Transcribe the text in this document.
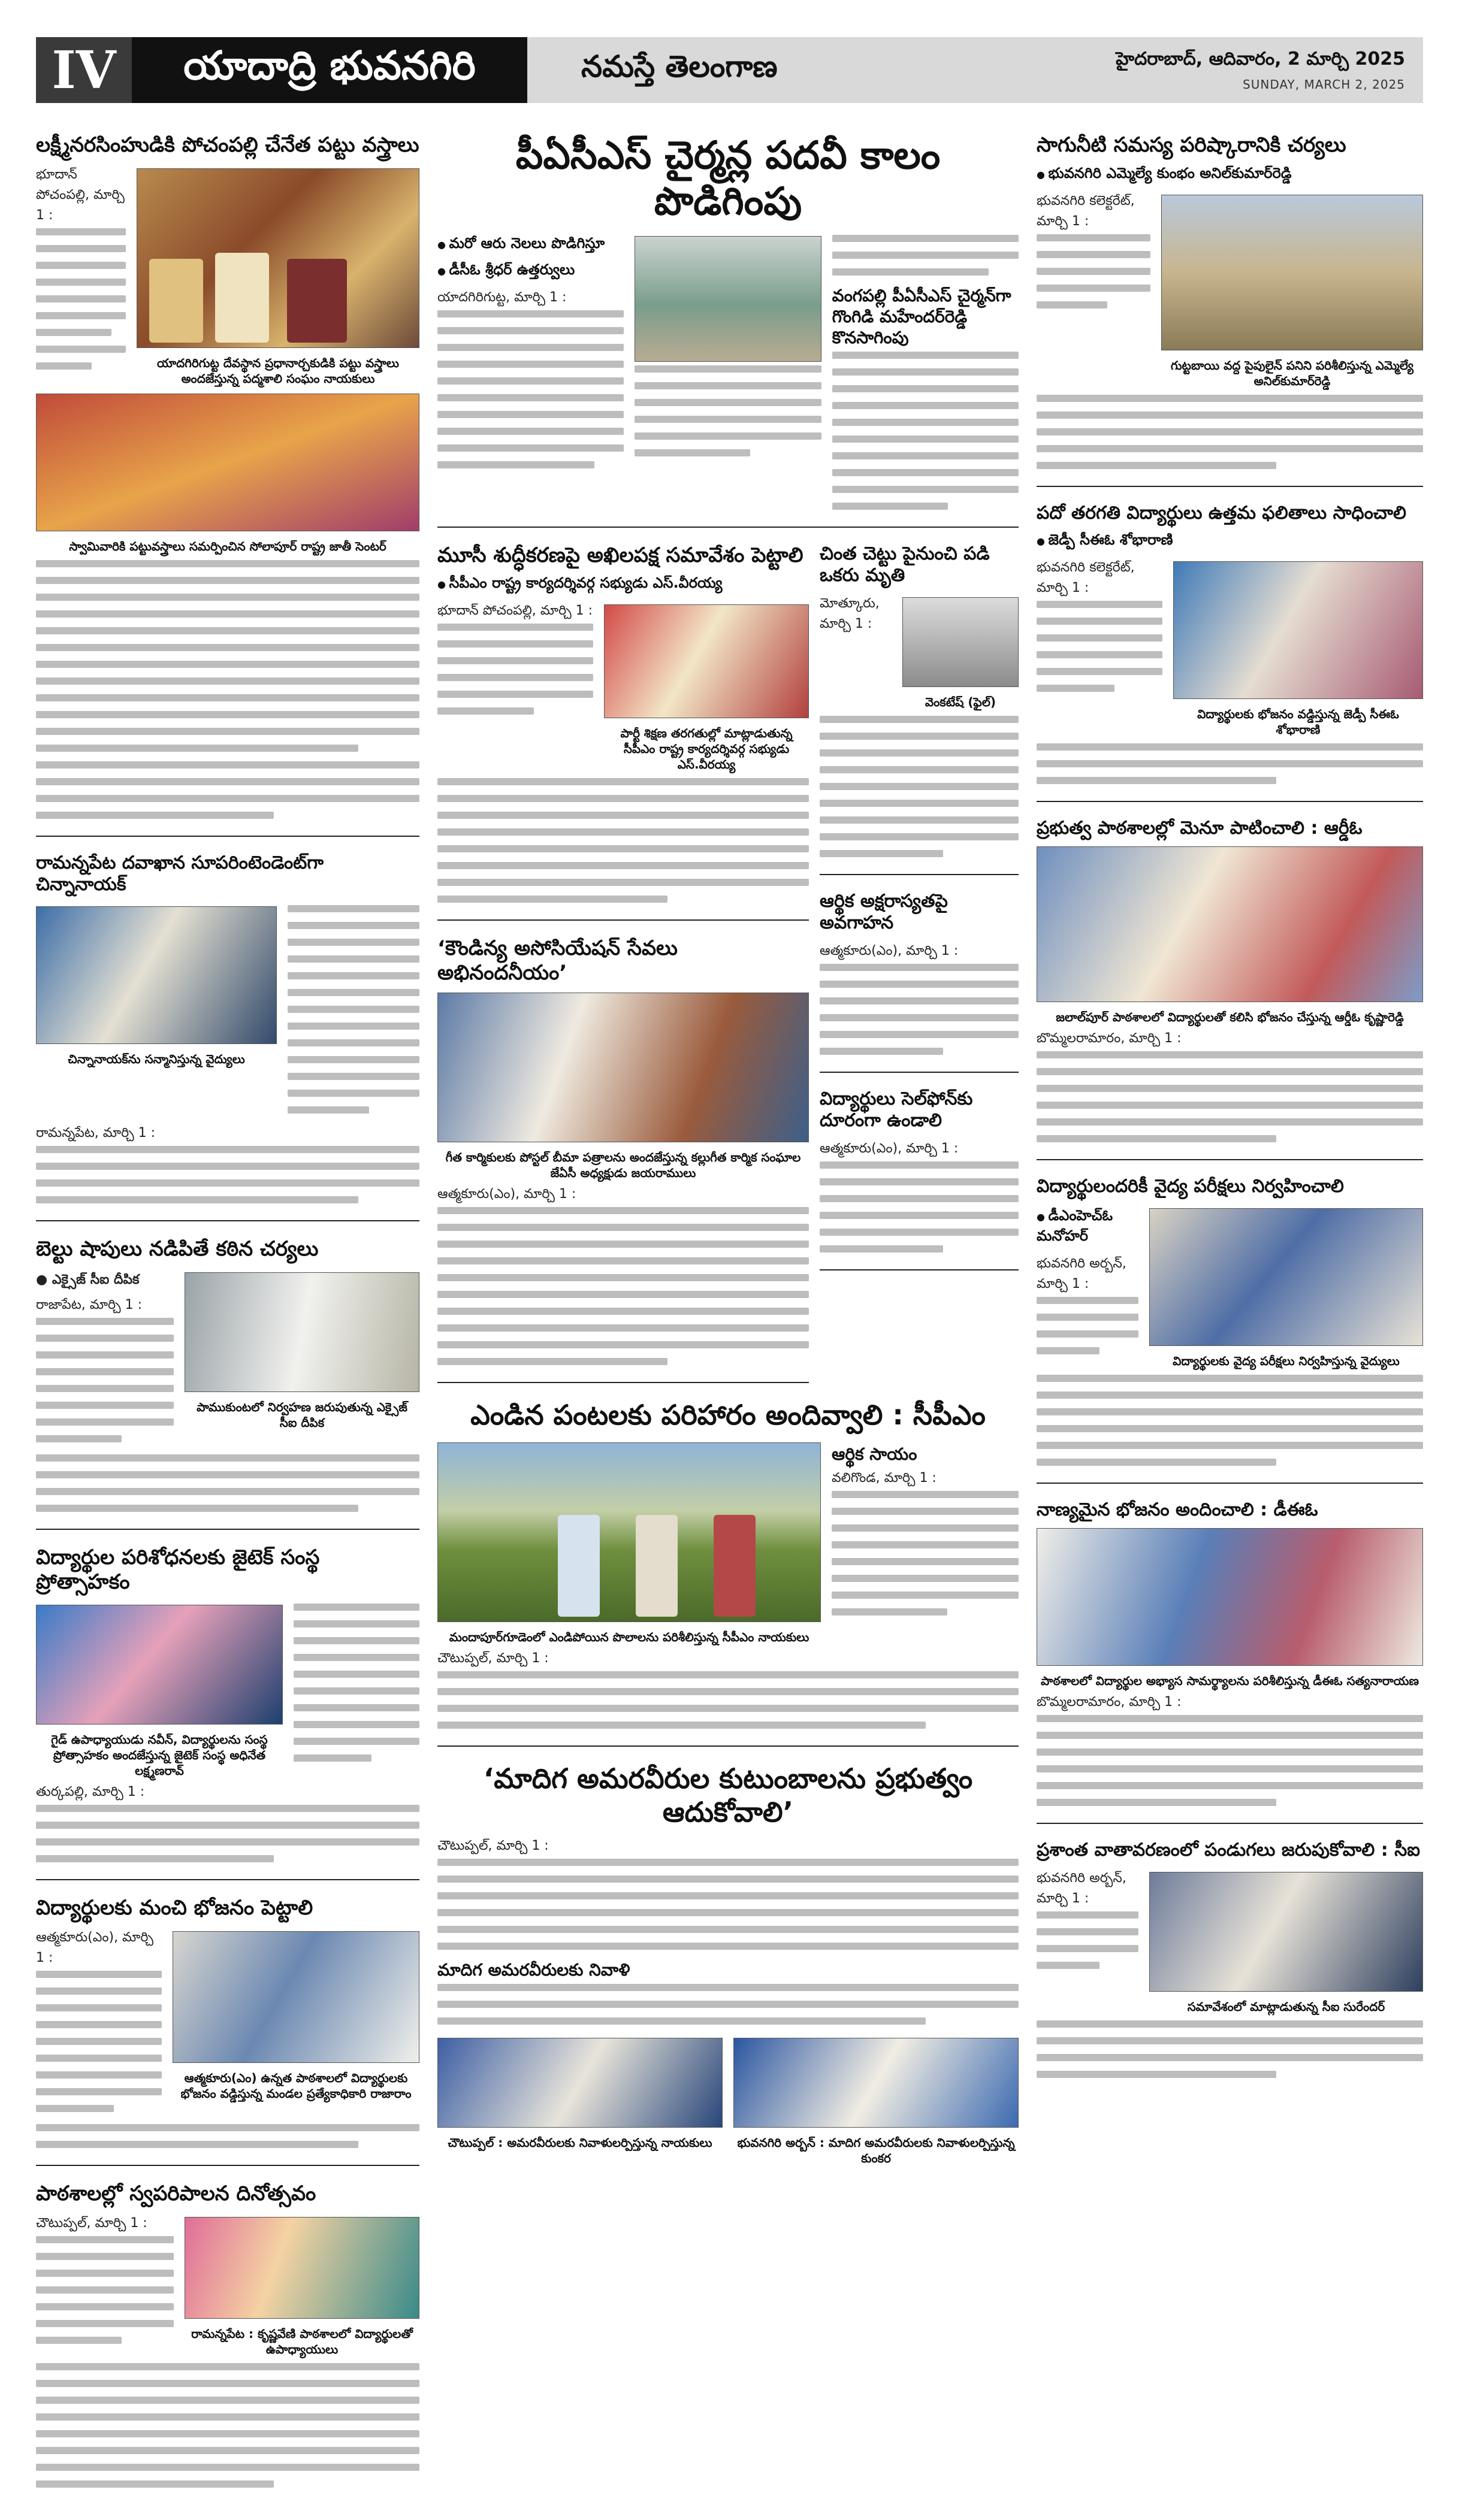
IV	యాదాద్రి భువనగిరి	నమస్తే తెలంగాణ	హైదరాబాద్, ఆదివారం, 2 మార్చి 2025
SUNDAY, MARCH 2, 2025
లక్ష్మీనరసింహుడికి పోచంపల్లి చేనేత పట్టు వస్త్రాలు

భూదాన్ పోచంపల్లి, మార్చి 1 :

యాదగిరిగుట్ట దేవస్థాన ప్రధానార్చకుడికి పట్టు వస్త్రాలు అందజేస్తున్న పద్మశాలి సంఘం నాయకులు

స్వామివారికి పట్టువస్త్రాలు సమర్పించిన సోలాపూర్ రాష్ట్ర జాతీ సెంటర్

రామన్నపేట దవాఖాన సూపరింటెండెంట్‌గా చిన్నానాయక్

చిన్నానాయక్‌ను సన్మానిస్తున్న వైద్యులు

రామన్నపేట, మార్చి 1 :

బెల్టు షాపులు నడిపితే కఠిన చర్యలు

● ఎక్సైజ్ సీఐ దీపిక

రాజాపేట, మార్చి 1 :

పాముకుంటలో నిర్వహణ జరుపుతున్న ఎక్సైజ్ సీఐ దీపిక

విద్యార్థుల పరిశోధనలకు జైటెక్ సంస్థ ప్రోత్సాహకం

గైడ్ ఉపాధ్యాయుడు నవీన్, విద్యార్థులను సంస్థ ప్రోత్సాహకం అందజేస్తున్న జైటెక్ సంస్థ అధినేత లక్ష్మణరావ్

తుర్కపల్లి, మార్చి 1 :

విద్యార్థులకు మంచి భోజనం పెట్టాలి

ఆత్మకూరు(ఎం), మార్చి 1 :

ఆత్మకూరు(ఎం) ఉన్నత పాఠశాలలో విద్యార్థులకు భోజనం వడ్డిస్తున్న మండల ప్రత్యేకాధికారి రాజారాం

పాఠశాలల్లో స్వపరిపాలన దినోత్సవం

చౌటుప్పల్, మార్చి 1 :

రామన్నపేట : కృష్ణవేణి పాఠశాలలో విద్యార్థులతో ఉపాధ్యాయులు

పీఏసీఎస్ చైర్మన్ల పదవీ కాలం పొడిగింపు

● మరో ఆరు నెలలు పొడిగిస్తూ

● డీసీఓ శ్రీధర్ ఉత్తర్వులు

యాదగిరిగుట్ట, మార్చి 1 :	వంగపల్లి పీఏసీఎస్ చైర్మన్‌గా గొంగిడి మహేందర్‌రెడ్డి కొనసాగింపు

మూసీ శుద్ధీకరణపై అఖిలపక్ష సమావేశం పెట్టాలి

● సీపీఎం రాష్ట్ర కార్యదర్శివర్గ సభ్యుడు ఎస్.వీరయ్య

భూదాన్ పోచంపల్లి, మార్చి 1 :

పార్టీ శిక్షణ తరగతుల్లో మాట్లాడుతున్న సీపీఎం రాష్ట్ర కార్యదర్శివర్గ సభ్యుడు ఎస్.వీరయ్య

‘కౌండిన్య అసోసియేషన్ సేవలు అభినందనీయం’

గీత కార్మికులకు పోస్టల్ బీమా పత్రాలను అందజేస్తున్న కల్లుగీత కార్మిక సంఘాల జేఏసీ అధ్యక్షుడు జయరాములు

ఆత్మకూరు(ఎం), మార్చి 1 :

చింత చెట్టు పైనుంచి పడి ఒకరు మృతి

మోత్కూరు, మార్చి 1 :

వెంకటేష్ (ఫైల్)

ఆర్థిక అక్షరాస్యతపై అవగాహన

ఆత్మకూరు(ఎం), మార్చి 1 :

విద్యార్థులు సెల్‌ఫోన్‌కు దూరంగా ఉండాలి

ఆత్మకూరు(ఎం), మార్చి 1 :

ఎండిన పంటలకు పరిహారం అందివ్వాలి : సీపీఎం

మందాపూర్‌గూడెంలో ఎండిపోయిన పొలాలను పరిశీలిస్తున్న సీపీఎం నాయకులు

ఆర్థిక సాయం

వలిగొండ, మార్చి 1 :

చౌటుప్పల్, మార్చి 1 :

‘మాదిగ అమరవీరుల కుటుంబాలను ప్రభుత్వం ఆదుకోవాలి’

చౌటుప్పల్, మార్చి 1 :

మాదిగ అమరవీరులకు నివాళి

చౌటుప్పల్ : అమరవీరులకు నివాళులర్పిస్తున్న నాయకులు	భువనగిరి అర్బన్ : మాదిగ అమరవీరులకు నివాళులర్పిస్తున్న కుంకర

సాగునీటి సమస్య పరిష్కారానికి చర్యలు

● భువనగిరి ఎమ్మెల్యే కుంభం అనిల్‌కుమార్‌రెడ్డి

భువనగిరి కలెక్టరేట్, మార్చి 1 :

గుట్టబాయి వద్ద పైపులైన్ పనిని పరిశీలిస్తున్న ఎమ్మెల్యే అనిల్‌కుమార్‌రెడ్డి

పదో తరగతి విద్యార్థులు ఉత్తమ ఫలితాలు సాధించాలి

● జెడ్పీ సీఈఓ శోభారాణి

భువనగిరి కలెక్టరేట్, మార్చి 1 :

విద్యార్థులకు భోజనం వడ్డిస్తున్న జెడ్పీ సీఈఓ శోభారాణి

ప్రభుత్వ పాఠశాలల్లో మెనూ పాటించాలి : ఆర్డీఓ

జలాల్‌పూర్ పాఠశాలలో విద్యార్థులతో కలిసి భోజనం చేస్తున్న ఆర్డీఓ కృష్ణారెడ్డి

బొమ్మలరామారం, మార్చి 1 :

విద్యార్థులందరికీ వైద్య పరీక్షలు నిర్వహించాలి

● డీఎంహెచ్ఓ మనోహర్

భువనగిరి అర్బన్, మార్చి 1 :

విద్యార్థులకు వైద్య పరీక్షలు నిర్వహిస్తున్న వైద్యులు

నాణ్యమైన భోజనం అందించాలి : డీఈఓ

పాఠశాలలో విద్యార్థుల అభ్యాస సామర్థ్యాలను పరిశీలిస్తున్న డీఈఓ సత్యనారాయణ

బొమ్మలరామారం, మార్చి 1 :

ప్రశాంత వాతావరణంలో పండుగలు జరుపుకోవాలి : సీఐ

భువనగిరి అర్బన్, మార్చి 1 :

సమావేశంలో మాట్లాడుతున్న సీఐ సురేందర్
